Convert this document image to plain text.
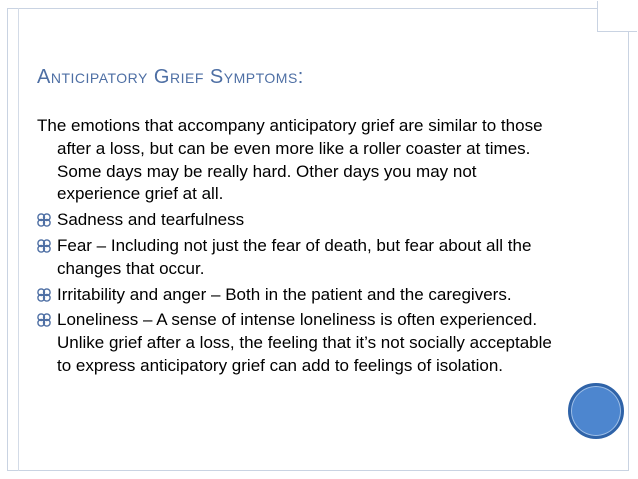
Anticipatory Grief Symptoms:

The emotions that accompany anticipatory grief are similar to those after a loss, but can be even more like a roller coaster at times. Some days may be really hard. Other days you may not experience grief at all.

Sadness and tearfulness
Fear – Including not just the fear of death, but fear about all the changes that occur.
Irritability and anger – Both in the patient and the caregivers.
Loneliness – A sense of intense loneliness is often experienced. Unlike grief after a loss, the feeling that it’s not socially acceptable to express anticipatory grief can add to feelings of isolation.
